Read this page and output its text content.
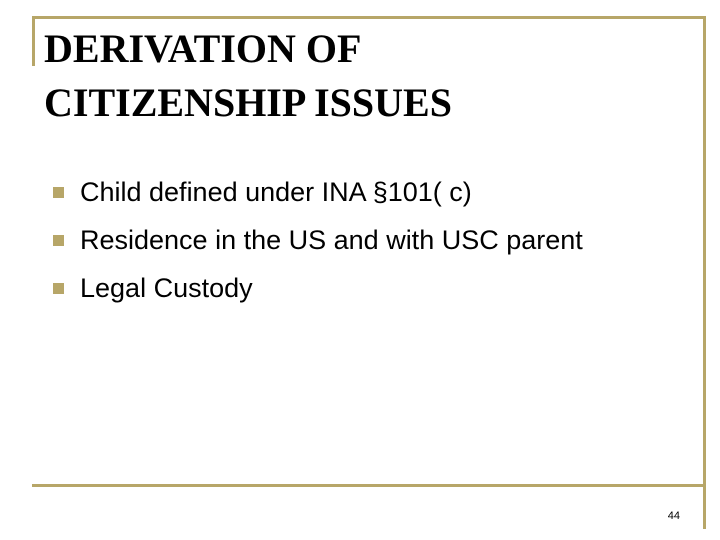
DERIVATION OF
CITIZENSHIP ISSUES
Child defined under INA §101( c)
Residence in the US and with USC parent
Legal Custody
44
